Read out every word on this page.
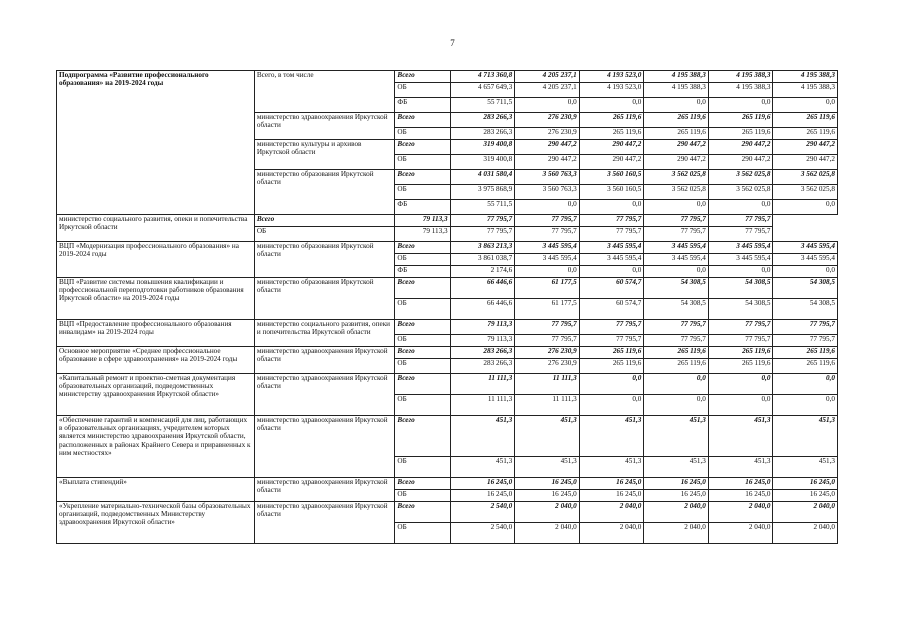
7
Подпрограмма «Развитие профессионального образования» на 2019-2024 годы	Всего, в том числе	Всего	4 713 360,8	4 205 237,1	4 193 523,0	4 195 388,3	4 195 388,3	4 195 388,3
		ОБ	4 657 649,3	4 205 237,1	4 193 523,0	4 195 388,3	4 195 388,3	4 195 388,3
		ФБ	55 711,5	0,0	0,0	0,0	0,0	0,0
	министерство здравоохранения Иркутской области	Всего	283 266,3	276 230,9	265 119,6	265 119,6	265 119,6	265 119,6
		ОБ	283 266,3	276 230,9	265 119,6	265 119,6	265 119,6	265 119,6
	министерство культуры и архивов Иркутской области	Всего	319 400,8	290 447,2	290 447,2	290 447,2	290 447,2	290 447,2
		ОБ	319 400,8	290 447,2	290 447,2	290 447,2	290 447,2	290 447,2
	министерство образования Иркутской области	Всего	4 031 580,4	3 560 763,3	3 560 160,5	3 562 025,8	3 562 025,8	3 562 025,8
		ОБ	3 975 868,9	3 560 763,3	3 560 160,5	3 562 025,8	3 562 025,8	3 562 025,8
		ФБ	55 711,5	0,0	0,0	0,0	0,0	0,0
министерство социального развития, опеки и попечительства Иркутской области	Всего	79 113,3	77 795,7	77 795,7	77 795,7	77 795,7	77 795,7	
	ОБ	79 113,3	77 795,7	77 795,7	77 795,7	77 795,7	77 795,7	
ВЦП «Модернизация профессионального образования» на 2019-2024 годы	министерство образования Иркутской области	Всего	3 863 213,3	3 445 595,4	3 445 595,4	3 445 595,4	3 445 595,4	3 445 595,4
		ОБ	3 861 038,7	3 445 595,4	3 445 595,4	3 445 595,4	3 445 595,4	3 445 595,4
		ФБ	2 174,6	0,0	0,0	0,0	0,0	0,0
ВЦП «Развитие системы повышения квалификации и профессиональной переподготовки работников образования Иркутской области» на 2019-2024 годы	министерство образования Иркутской области	Всего	66 446,6	61 177,5	60 574,7	54 308,5	54 308,5	54 308,5
		ОБ	66 446,6	61 177,5	60 574,7	54 308,5	54 308,5	54 308,5
ВЦП «Предоставление профессионального образования инвалидам» на 2019-2024 годы	министерство социального развития, опеки и попечительства Иркутской области	Всего	79 113,3	77 795,7	77 795,7	77 795,7	77 795,7	77 795,7
		ОБ	79 113,3	77 795,7	77 795,7	77 795,7	77 795,7	77 795,7
Основное мероприятие «Среднее профессиональное образование в сфере здравоохранения» на 2019-2024 годы	министерство здравоохранения Иркутской области	Всего	283 266,3	276 230,9	265 119,6	265 119,6	265 119,6	265 119,6
		ОБ	283 266,3	276 230,9	265 119,6	265 119,6	265 119,6	265 119,6
«Капитальный ремонт и проектно-сметная документация образовательных организаций, подведомственных министерству здравоохранения Иркутской области»	министерство здравоохранения Иркутской области	Всего	11 111,3	11 111,3	0,0	0,0	0,0	0,0
		ОБ	11 111,3	11 111,3	0,0	0,0	0,0	0,0
«Обеспечение гарантий и компенсаций для лиц, работающих в образовательных организациях, учредителем которых является министерство здравоохранения Иркутской области, расположенных в районах Крайнего Севера и приравненных к ним местностях»	министерство здравоохранения Иркутской области	Всего	451,3	451,3	451,3	451,3	451,3	451,3
		ОБ	451,3	451,3	451,3	451,3	451,3	451,3
«Выплата стипендий»	министерство здравоохранения Иркутской области	Всего	16 245,0	16 245,0	16 245,0	16 245,0	16 245,0	16 245,0
		ОБ	16 245,0	16 245,0	16 245,0	16 245,0	16 245,0	16 245,0
«Укрепление материально-технической базы образовательных организаций, подведомственных Министерству здравоохранения Иркутской области»	министерство здравоохранения Иркутской области	Всего	2 540,0	2 040,0	2 040,0	2 040,0	2 040,0	2 040,0
		ОБ	2 540,0	2 040,0	2 040,0	2 040,0	2 040,0	2 040,0
